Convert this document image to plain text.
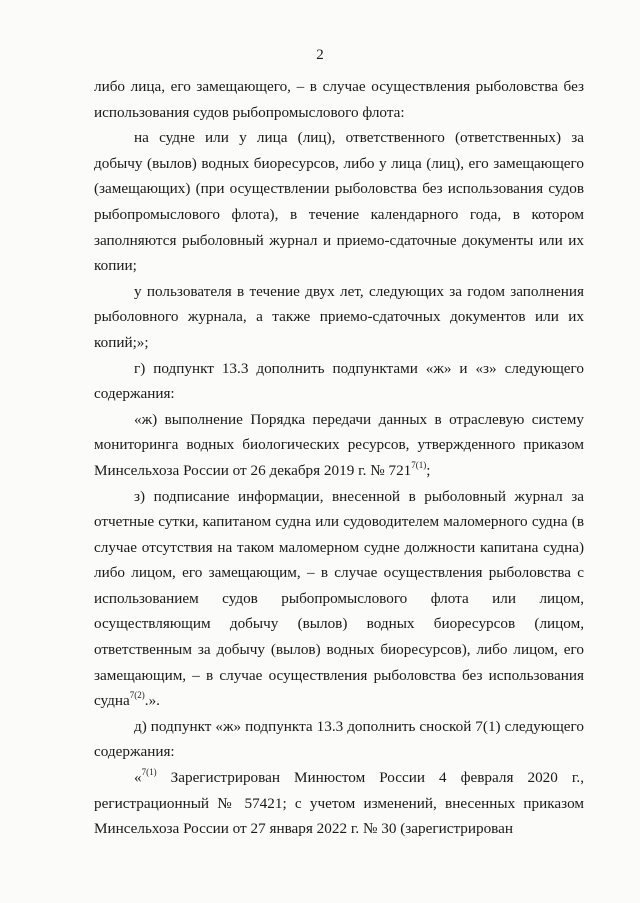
2

либо лица, его замещающего, – в случае осуществления рыболовства без использования судов рыбопромыслового флота:

на судне или у лица (лиц), ответственного (ответственных) за добычу (вылов) водных биоресурсов, либо у лица (лиц), его замещающего (замещающих) (при осуществлении рыболовства без использования судов рыбопромыслового флота), в течение календарного года, в котором заполняются рыболовный журнал и приемо-сдаточные документы или их копии;

у пользователя в течение двух лет, следующих за годом заполнения рыболовного журнала, а также приемо-сдаточных документов или их копий;»;

г) подпункт 13.3 дополнить подпунктами «ж» и «з» следующего содержания:

«ж) выполнение Порядка передачи данных в отраслевую систему мониторинга водных биологических ресурсов, утвержденного приказом Минсельхоза России от 26 декабря 2019 г. № $721^{7(1)}$;

з) подписание информации, внесенной в рыболовный журнал за отчетные сутки, капитаном судна или судоводителем маломерного судна (в случае отсутствия на таком маломерном судне должности капитана судна) либо лицом, его замещающим, – в случае осуществления рыболовства с использованием судов рыбопромыслового флота или лицом, осуществляющим добычу (вылов) водных биоресурсов (лицом, ответственным за добычу (вылов) водных биоресурсов), либо лицом, его замещающим, – в случае осуществления рыболовства без использования судна$^{7(2)}$.».

д) подпункт «ж» подпункта 13.3 дополнить сноской 7(1) следующего содержания:

«$^{7(1)}$ Зарегистрирован Минюстом России 4 февраля 2020 г., регистрационный № 57421; с учетом изменений, внесенных приказом Минсельхоза России от 27 января 2022 г. № 30 (зарегистрирован
